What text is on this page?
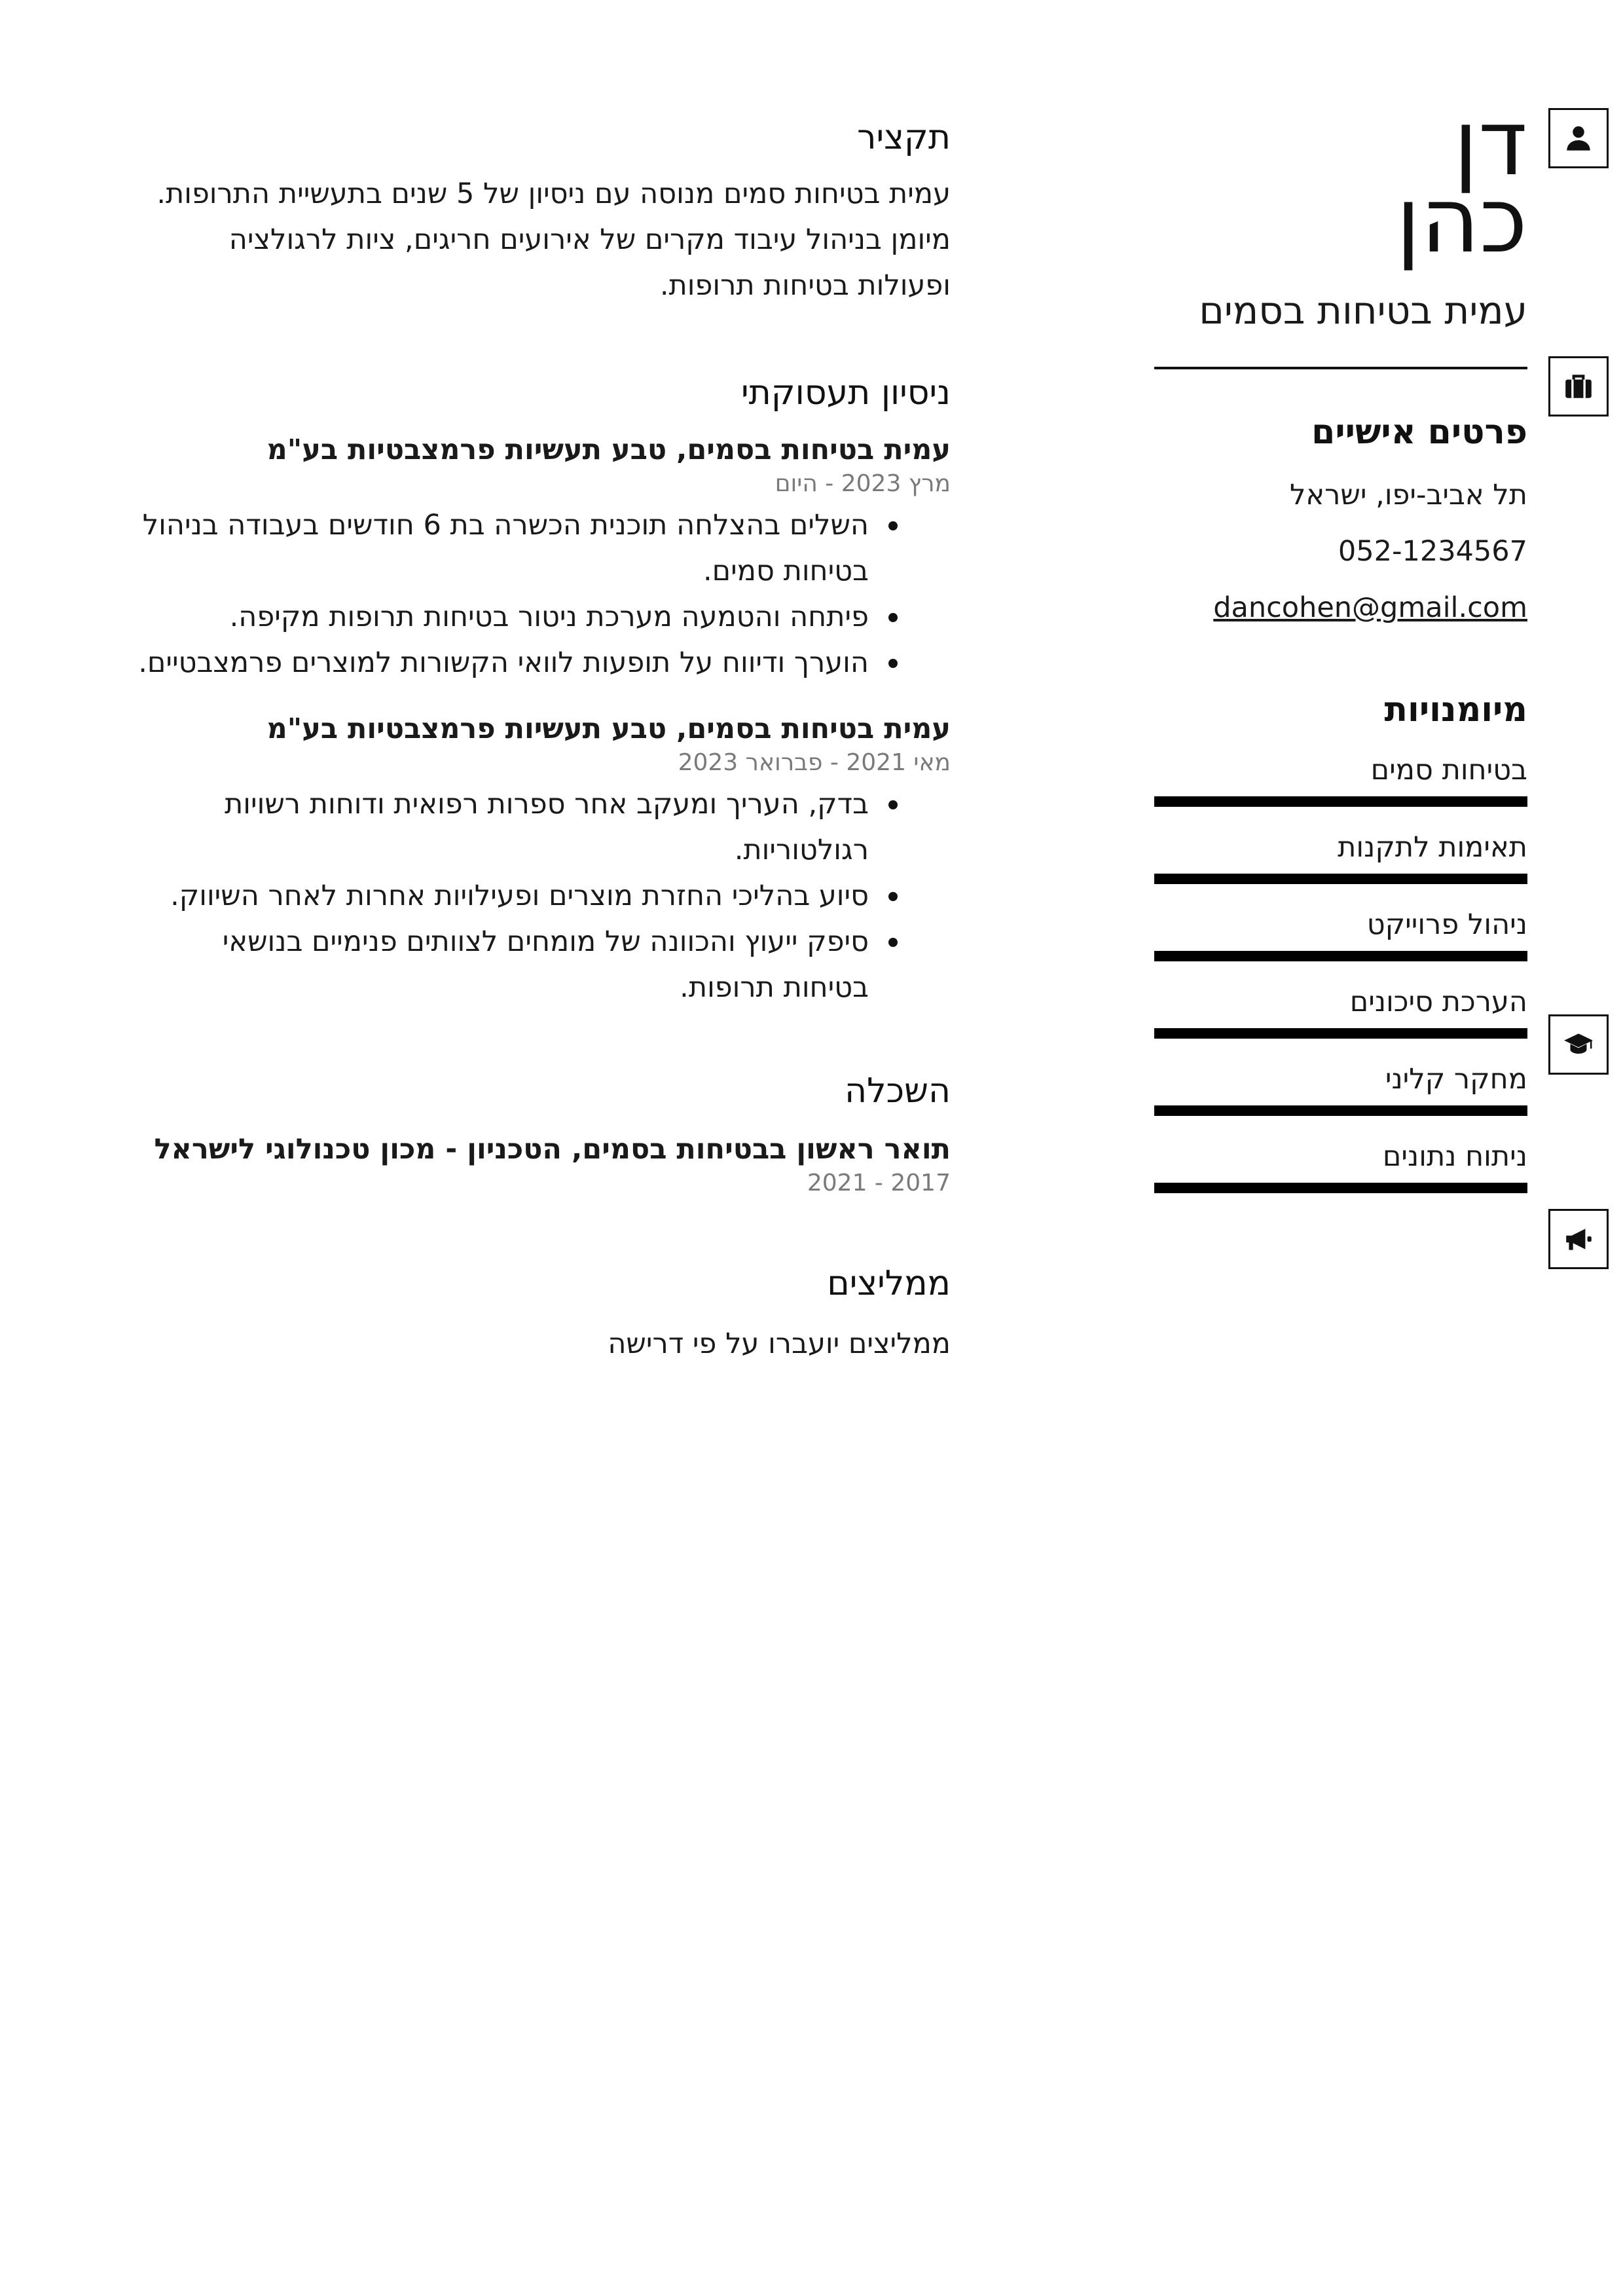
דן
כהן
עמית בטיחות בסמים
פרטים אישיים
תל אביב-יפו, ישראל
052-1234567
dancohen@gmail.com
מיומנויות
בטיחות סמים
תאימות לתקנות
ניהול פרוייקט
הערכת סיכונים
מחקר קליני
ניתוח נתונים
תקציר

עמית בטיחות סמים מנוסה עם ניסיון של 5 שנים בתעשיית התרופות. מיומן בניהול עיבוד מקרים של אירועים חריגים, ציות לרגולציה ופעולות בטיחות תרופות.

ניסיון תעסוקתי
עמית בטיחות בסמים, טבע תעשיות פרמצבטיות בע"מ
מרץ 2023 - היום
השלים בהצלחה תוכנית הכשרה בת 6 חודשים בעבודה בניהול בטיחות סמים.
פיתחה והטמעה מערכת ניטור בטיחות תרופות מקיפה.
הוערך ודיווח על תופעות לוואי הקשורות למוצרים פרמצבטיים.
עמית בטיחות בסמים, טבע תעשיות פרמצבטיות בע"מ
מאי 2021 - פברואר 2023
בדק, העריך ומעקב אחר ספרות רפואית ודוחות רשויות רגולטוריות.
סיוע בהליכי החזרת מוצרים ופעילויות אחרות לאחר השיווק.
סיפק ייעוץ והכוונה של מומחים לצוותים פנימיים בנושאי בטיחות תרופות.
השכלה
תואר ראשון בבטיחות בסמים, הטכניון - מכון טכנולוגי לישראל
2017 - 2021
ממליצים
ממליצים יועברו על פי דרישה
